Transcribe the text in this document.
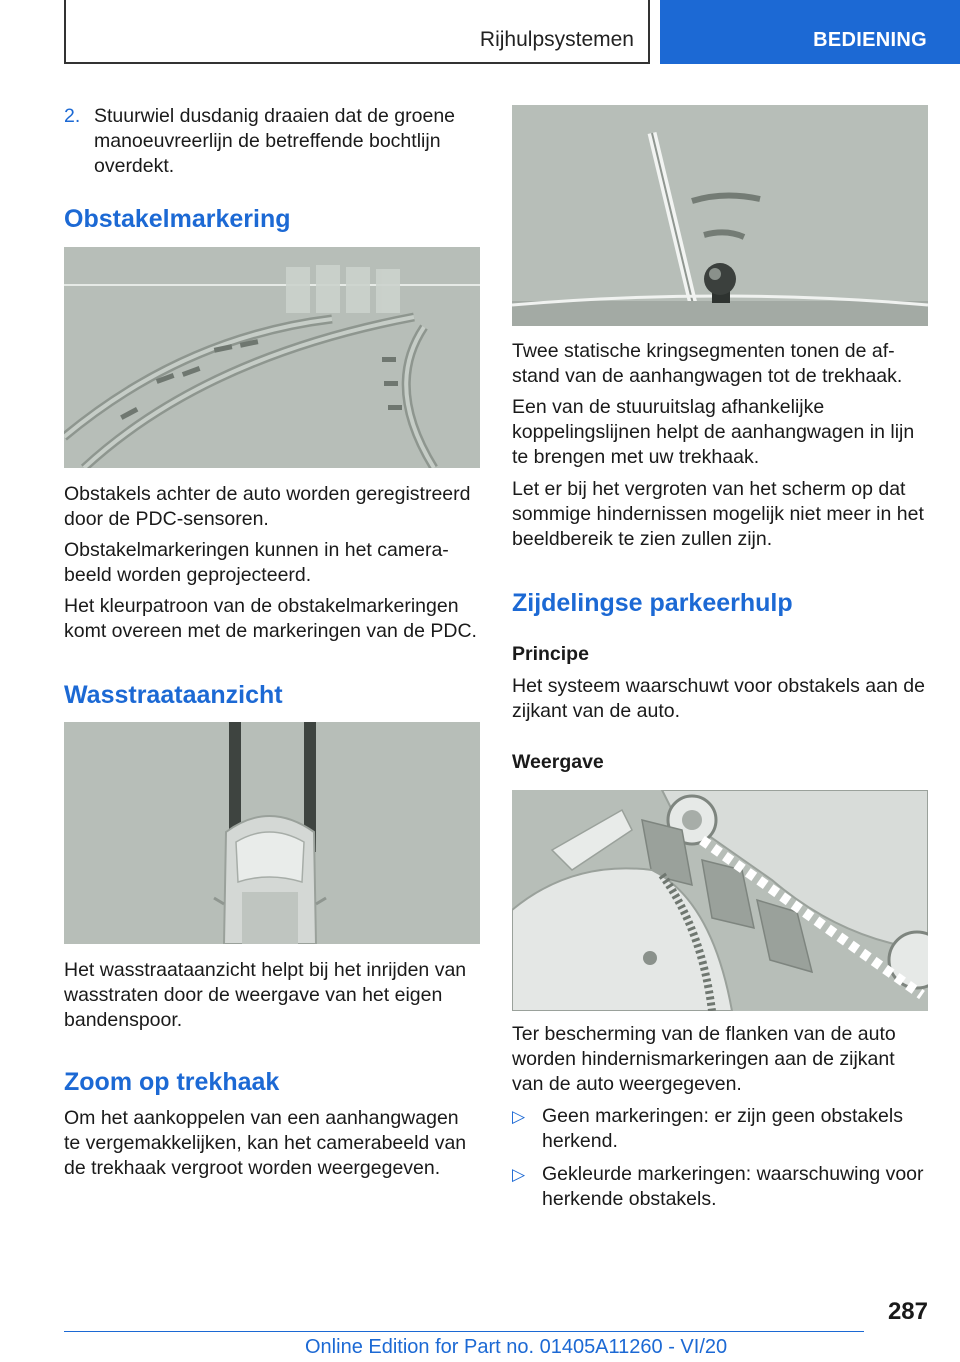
Rijhulpsystemen	BEDIENING
2. Stuurwiel dusdanig draaien dat de groene manoeuvreerlijn de betreffende bochtlijn overdekt.
Obstakelmarkering

Obstakels achter de auto worden geregistreerd door de PDC-sensoren.

Obstakelmarkeringen kunnen in het camerabeeld worden geprojecteerd.

Het kleurpatroon van de obstakelmarkeringen komt overeen met de markeringen van de PDC.

Wasstraataanzicht

Het wasstraataanzicht helpt bij het inrijden van wasstraten door de weergave van het eigen bandenspoor.

Zoom op trekhaak

Om het aankoppelen van een aanhangwagen te vergemakkelijken, kan het camerabeeld van de trekhaak vergroot worden weergegeven.

Twee statische kringsegmenten tonen de afstand van de aanhangwagen tot de trekhaak.

Een van de stuuruitslag afhankelijke koppelingslijnen helpt de aanhangwagen in lijn te brengen met uw trekhaak.

Let er bij het vergroten van het scherm op dat sommige hindernissen mogelijk niet meer in het beeldbereik te zien zullen zijn.

Zijdelingse parkeerhulp
Principe

Het systeem waarschuwt voor obstakels aan de zijkant van de auto.

Weergave

Ter bescherming van de flanken van de auto worden hindernismarkeringen aan de zijkant van de auto weergegeven.

▷ Geen markeringen: er zijn geen obstakels herkend.
▷ Gekleurde markeringen: waarschuwing voor herkende obstakels.
287
Online Edition for Part no. 01405A11260 - VI/20
